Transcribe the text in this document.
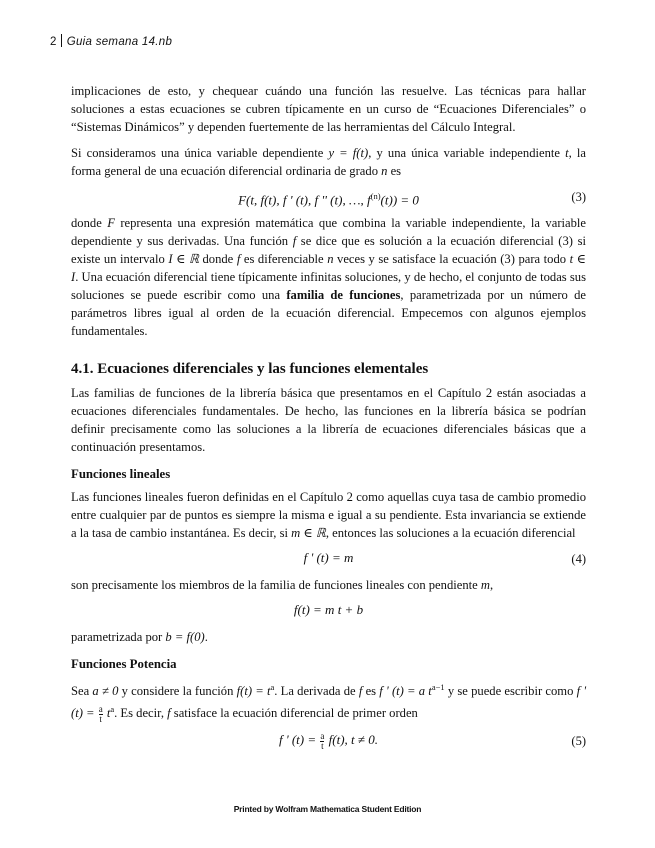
2 Guia semana 14.nb

implicaciones de esto, y chequear cuándo una función las resuelve. Las técnicas para hallar soluciones a estas ecuaciones se cubren típicamente en un curso de “Ecuaciones Diferenciales” o “Sistemas Dinámicos” y dependen fuertemente de las herramientas del Cálculo Integral.

Si consideramos una única variable dependiente y = f(t), y una única variable independiente t, la forma general de una ecuación diferencial ordinaria de grado n es

F(t, f(t), f ' (t), f '' (t), …, $f^{(n)}(t)) = 0$	(3)

donde F representa una expresión matemática que combina la variable independiente, la variable dependiente y sus derivadas. Una función f se dice que es solución a la ecuación diferencial (3) si existe un intervalo I ∈ ℝ donde f es diferenciable n veces y se satisface la ecuación (3) para todo t ∈ I. Una ecuación diferencial tiene típicamente infinitas soluciones, y de hecho, el conjunto de todas sus soluciones se puede escribir como una familia de funciones, parametrizada por un número de parámetros libres igual al orden de la ecuación diferencial. Empecemos con algunos ejemplos fundamentales.

4.1. Ecuaciones diferenciales y las funciones elementales

Las familias de funciones de la librería básica que presentamos en el Capítulo 2 están asociadas a ecuaciones diferenciales fundamentales. De hecho, las funciones en la librería básica se podrían definir precisamente como las soluciones a la librería de ecuaciones diferenciales básicas que a continuación presentamos.

Funciones lineales

Las funciones lineales fueron definidas en el Capítulo 2 como aquellas cuya tasa de cambio promedio entre cualquier par de puntos es siempre la misma e igual a su pendiente. Esta invariancia se extiende a la tasa de cambio instantánea. Es decir, si m ∈ ℝ, entonces las soluciones a la ecuación diferencial

f ' (t) = m	(4)

son precisamente los miembros de la familia de funciones lineales con pendiente m,

f(t) = m t + b

parametrizada por b = f(0).

Funciones Potencia

Sea a ≠ 0 y considere la función $f(t) = t^a$. La derivada de f es f ' (t) = a $t^{a-1}$ y se puede escribir como f ' $(t) = \frac{a}{t} t^a$. Es decir, f satisface la ecuación diferencial de primer orden

f ' $(t) = \frac{a}{t} f(t)$, t ≠ 0.	(5)
Printed by Wolfram Mathematica Student Edition
